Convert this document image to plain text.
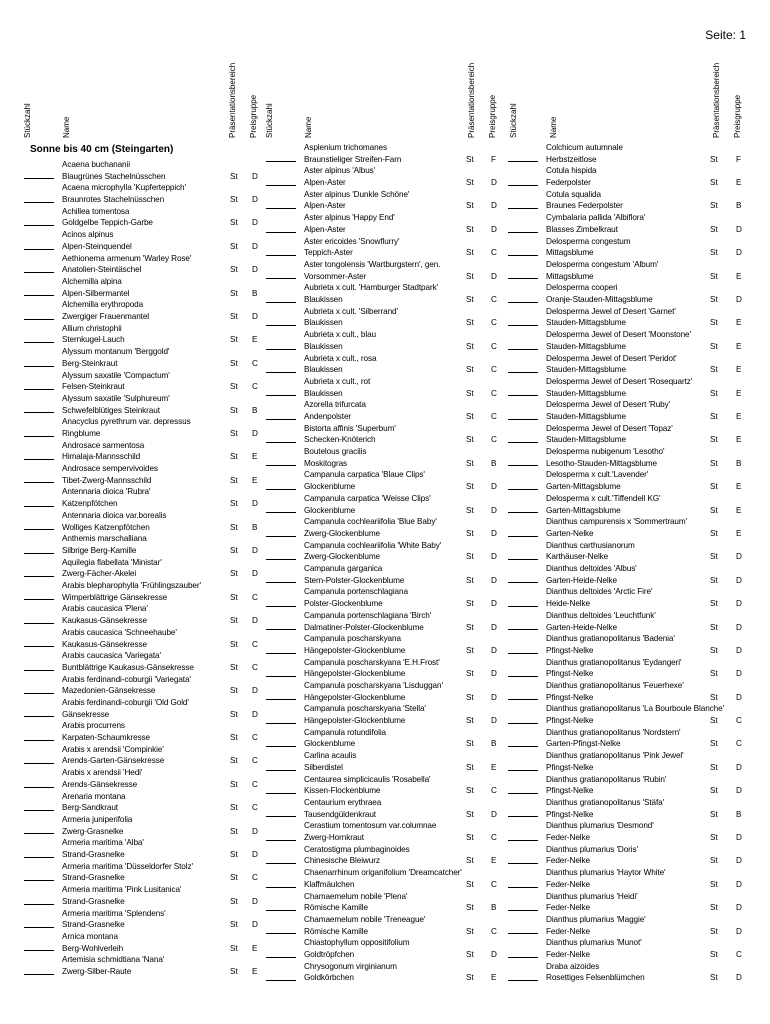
Seite: 1
Stückzahl	Name	Präsentationsbereich Preisgruppe
Sonne bis 40 cm (Steingarten)
Acaena buchananii
Blaugrünes Stachelnüsschen	St D
Acaena microphylla 'Kupferteppich'
Braunrotes Stachelnüsschen	St D
Achillea tomentosa
Goldgelbe Teppich-Garbe	St D
Acinos alpinus
Alpen-Steinquendel	St D
Aethionema armenum 'Warley Rose'
Anatolien-Steintäschel	St D
Alchemilla alpina
Alpen-Silbermantel	St B
Alchemilla erythropoda
Zwergiger Frauenmantel	St D
Allium christophii
Sternkugel-Lauch	St E
Alyssum montanum 'Berggold'
Berg-Steinkraut	St C
Alyssum saxatile 'Compactum'
Felsen-Steinkraut	St C
Alyssum saxatile 'Sulphureum'
Schwefelblütiges Steinkraut	St B
Anacyclus pyrethrum var. depressus
Ringblume	St D
Androsace sarmentosa
Himalaja-Mannsschild	St E
Androsace sempervivoides
Tibet-Zwerg-Mannsschild	St E
Antennaria dioica 'Rubra'
Katzenpfötchen	St D
Antennaria dioica var.borealis
Wolliges Katzenpfötchen	St B
Anthemis marschalliana
Silbrige Berg-Kamille	St D
Aquilegia flabellata 'Ministar'
Zwerg-Fächer-Akelei	St D
Arabis blepharophylla 'Frühlingszauber'
Wimperblättrige Gänsekresse	St C
Arabis caucasica 'Plena'
Kaukasus-Gänsekresse	St D
Arabis caucasica 'Schneehaube'
Kaukasus-Gänsekresse	St C
Arabis caucasica 'Variegata'
Buntblättrige Kaukasus-Gänsekresse	St C
Arabis ferdinandi-coburgii 'Variegata'
Mazedonien-Gänsekresse	St D
Arabis ferdinandi-coburgii 'Old Gold'
Gänsekresse	St D
Arabis procurrens
Karpaten-Schaumkresse	St C
Arabis x arendsii 'Compinkie'
Arends-Garten-Gänsekresse	St C
Arabis x arendsii 'Hedi'
Arends-Gänsekresse	St C
Arenaria montana
Berg-Sandkraut	St C
Armeria juniperifolia
Zwerg-Grasnelke	St D
Armeria maritima 'Alba'
Strand-Grasnelke	St D
Armeria maritima 'Düsseldorfer Stolz'
Strand-Grasnelke	St C
Armeria maritima 'Pink Lusitanica'
Strand-Grasnelke	St D
Armeria maritima 'Splendens'
Strand-Grasnelke	St D
Arnica montana
Berg-Wohlverleih	St E
Artemisia schmidtiana 'Nana'
Zwerg-Silber-Raute	St E
Stückzahl	Name	Präsentationsbereich Preisgruppe
Asplenium trichomanes
Braunstieliger Streifen-Farn	St F
Aster alpinus 'Albus'
Alpen-Aster	St D
Aster alpinus 'Dunkle Schöne'
Alpen-Aster	St D
Aster alpinus 'Happy End'
Alpen-Aster	St D
Aster ericoides 'Snowflurry'
Teppich-Aster	St C
Aster tongolensis 'Wartburgstern', gen.
Vorsommer-Aster	St D
Aubrieta x cult. 'Hamburger Stadtpark'
Blaukissen	St C
Aubrieta x cult. 'Silberrand'
Blaukissen	St C
Aubrieta x cult., blau
Blaukissen	St C
Aubrieta x cult., rosa
Blaukissen	St C
Aubrieta x cult., rot
Blaukissen	St C
Azorella trifurcata
Andenpolster	St C
Bistorta affinis 'Superbum'
Schecken-Knöterich	St C
Boutelous gracilis
Moskitogras	St B
Campanula carpatica 'Blaue Clips'
Glockenblume	St D
Campanula carpatica 'Weisse Clips'
Glockenblume	St D
Campanula cochleariifolia 'Blue Baby'
Zwerg-Glockenblume	St D
Campanula cochleariifolia 'White Baby'
Zwerg-Glockenblume	St D
Campanula garganica
Stern-Polster-Glockenblume	St D
Campanula portenschlagiana
Polster-Glockenblume	St D
Campanula portenschlagiana 'Birch'
Dalmatiner-Polster-Glockenblume	St D
Campanula poscharskyana
Hängepolster-Glockenblume	St D
Campanula poscharskyana 'E.H.Frost'
Hängepolster-Glockenblume	St D
Campanula poscharskyana 'Lisduggan'
Hängepolster-Glockenblume	St D
Campanula poscharskyana 'Stella'
Hängepolster-Glockenblume	St D
Campanula rotundifolia
Glockenblume	St B
Carlina acaulis
Silberdistel	St E
Centaurea simplicicaulis 'Rosabella'
Kissen-Flockenblume	St C
Centaurium erythraea
Tausendgüldenkraut	St D
Cerastium tomentosum var.columnae
Zwerg-Hornkraut	St C
Ceratostigma plumbaginoides
Chinesische Bleiwurz	St E
Chaenarrhinum origanifolium 'Dreamcatcher'
Klaffmäulchen	St C
Chamaemelum nobile 'Plena'
Römische Kamille	St B
Chamaemelum nobile 'Treneague'
Römische Kamille	St C
Chiastophyllum oppositifolium
Goldtröpfchen	St D
Chrysogonum virginianum
Goldkörbchen	St E
Stückzahl	Name	Präsentationsbereich Preisgruppe
Colchicum autumnale
Herbstzeitlose	St F
Cotula hispida
Federpolster	St E
Cotula squalida
Braunes Federpolster	St B
Cymbalaria pallida 'Albiflora'
Blasses Zimbelkraut	St D
Delosperma congestum
Mittagsblume	St D
Delosperma congestum 'Album'
Mittagsblume	St E
Delosperma cooperi
Oranje-Stauden-Mittagsblume	St D
Delosperma Jewel of Desert 'Garnet'
Stauden-Mittagsblume	St E
Delosperma Jewel of Desert 'Moonstone'
Stauden-Mittagsblume	St E
Delosperma Jewel of Desert 'Peridot'
Stauden-Mittagsblume	St E
Delosperma Jewel of Desert 'Rosequartz'
Stauden-Mittagsblume	St E
Delosperma Jewel of Desert 'Ruby'
Stauden-Mittagsblume	St E
Delosperma Jewel of Desert 'Topaz'
Stauden-Mittagsblume	St E
Delosperma nubigenum 'Lesotho'
Lesotho-Stauden-Mittagsblume	St B
Delosperma x cult.'Lavender'
Garten-Mittagsblume	St E
Delosperma x cult.'Tiffendell KG'
Garten-Mittagsblume	St E
Dianthus campurensis x 'Sommertraum'
Garten-Nelke	St E
Dianthus carthusianorum
Karthäuser-Nelke	St D
Dianthus deltoides 'Albus'
Garten-Heide-Nelke	St D
Dianthus deltoides 'Arctic Fire'
Heide-Nelke	St D
Dianthus deltoides 'Leuchtfunk'
Garten-Heide-Nelke	St D
Dianthus gratianopolitanus 'Badenia'
Pfingst-Nelke	St D
Dianthus gratianopolitanus 'Eydangeri'
Pfingst-Nelke	St D
Dianthus gratianopolitanus 'Feuerhexe'
Pfingst-Nelke	St D
Dianthus gratianopolitanus 'La Bourboule Blanche'
Pfingst-Nelke	St C
Dianthus gratianopolitanus 'Nordstern'
Garten-Pfingst-Nelke	St C
Dianthus gratianopolitanus 'Pink Jewel'
Pfingst-Nelke	St D
Dianthus gratianopolitanus 'Rubin'
Pfingst-Nelke	St D
Dianthus gratianopolitanus 'Stäfa'
Pfingst-Nelke	St B
Dianthus plumarius 'Desmond'
Feder-Nelke	St D
Dianthus plumarius 'Doris'
Feder-Nelke	St D
Dianthus plumarius 'Haytor White'
Feder-Nelke	St D
Dianthus plumarius 'Heidi'
Feder-Nelke	St D
Dianthus plumarius 'Maggie'
Feder-Nelke	St D
Dianthus plumarius 'Munot'
Feder-Nelke	St C
Draba aizoides
Rosettiges Felsenblümchen	St D
